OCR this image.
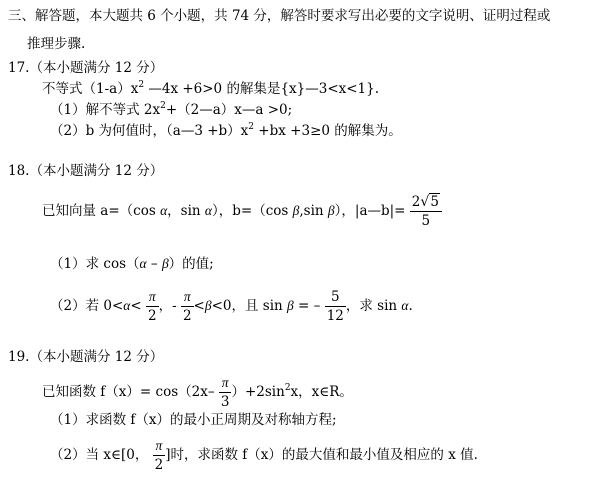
三、解答题，本大题共 6 个小题，共 74 分，解答时要求写出必要的文字说明、证明过程或
推理步骤.
17.（本小题满分 12 分）
不等式$(1-a)x^2$ —4x +6>0 的解集是{x}—3<x<1}.
（1）解不等式 $2x^2+(2—a)x—a >0$;
（2）b 为何值时，（a—3 $+b)x^2 +bx +3\ge 0$ 的解集为。
18.（本小题满分 12 分）
已知向量 a=（cos α，sin α），b=（cos β,sin β），|a—b|= $\frac{2√5}{5}$
（1）求 cos（α – β）的值;
（2）若 $0<\alpha< \frac{\pi}{2}$ ，- $\frac{\pi}{2} <\beta<0$，且 sin β = – $\frac{5}{12}$ ，求 sin α.
19.（本小题满分 12 分）
已知函数 $f(x)= \cos(2x- \frac{\pi}{3} )+2\sin^2x$，x∈R。
（1）求函数 f（x）的最小正周期及对称轴方程;
（2）当 x∈[0， $\frac{\pi}{2}$ ]时，求函数 f（x）的最大值和最小值及相应的 x 值.
